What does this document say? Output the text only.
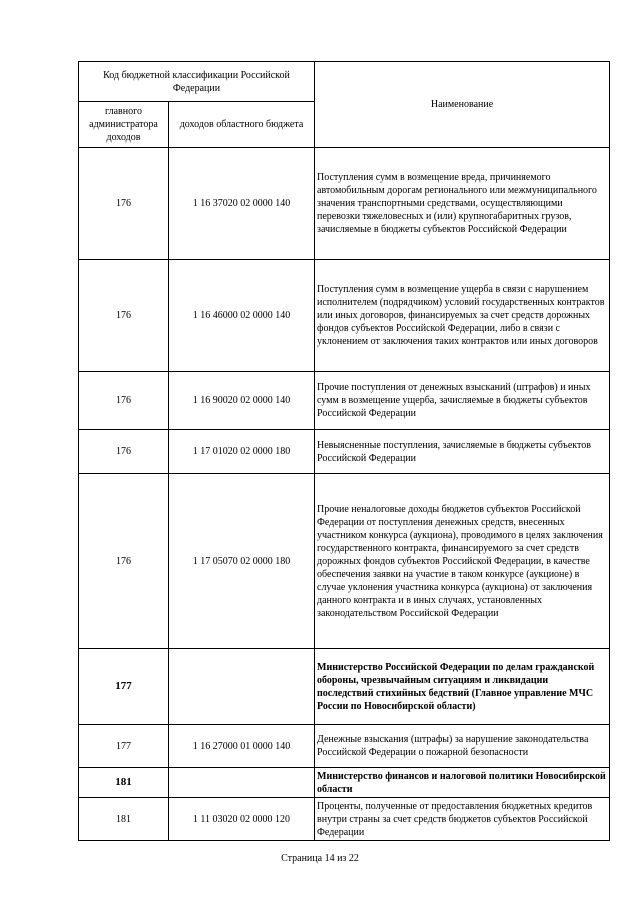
Код бюджетной классификации Российской Федерации		Наименование
главного администратора доходов	доходов областного бюджета	
176	1 16 37020 02 0000 140	Поступления сумм в возмещение вреда, причиняемого автомобильным дорогам регионального или межмуниципального значения транспортными средствами, осуществляющими перевозки тяжеловесных и (или) крупногабаритных грузов, зачисляемые в бюджеты субъектов Российской Федерации
176	1 16 46000 02 0000 140	Поступления сумм в возмещение ущерба в связи с нарушением исполнителем (подрядчиком) условий государственных контрактов или иных договоров, финансируемых за счет средств дорожных фондов субъектов Российской Федерации, либо в связи с уклонением от заключения таких контрактов или иных договоров
176	1 16 90020 02 0000 140	Прочие поступления от денежных взысканий (штрафов) и иных сумм в возмещение ущерба, зачисляемые в бюджеты субъектов Российской Федерации
176	1 17 01020 02 0000 180	Невыясненные поступления, зачисляемые в бюджеты субъектов Российской Федерации
176	1 17 05070 02 0000 180	Прочие неналоговые доходы бюджетов субъектов Российской Федерации от поступления денежных средств, внесенных участником конкурса (аукциона), проводимого в целях заключения государственного контракта, финансируемого за счет средств дорожных фондов субъектов Российской Федерации, в качестве обеспечения заявки на участие в таком конкурсе (аукционе) в случае уклонения участника конкурса (аукциона) от заключения данного контракта и в иных случаях, установленных законодательством Российской Федерации
177		Министерство Российской Федерации по делам гражданской обороны, чрезвычайным ситуациям и ликвидации последствий стихийных бедствий (Главное управление МЧС России по Новосибирской области)
177	1 16 27000 01 0000 140	Денежные взыскания (штрафы) за нарушение законодательства Российской Федерации о пожарной безопасности
181		Министерство финансов и налоговой политики Новосибирской области
181	1 11 03020 02 0000 120	Проценты, полученные от предоставления бюджетных кредитов внутри страны за счет средств бюджетов субъектов Российской Федерации
Страница 14 из 22
